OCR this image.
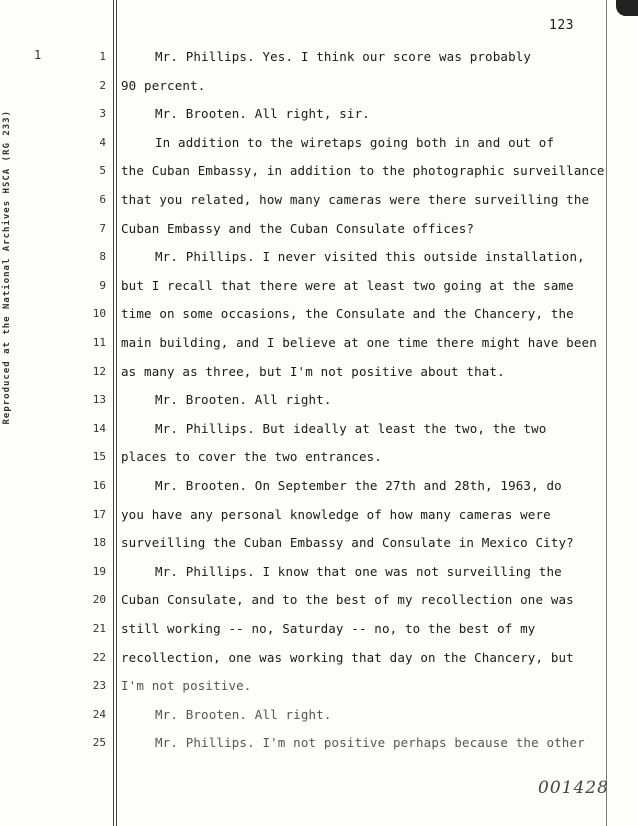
123
Reproduced at the National Archives HSCA (RG 233)
1	1	Mr. Phillips. Yes. I think our score was probably
2 90 percent.
3	Mr. Brooten. All right, sir.
4	In addition to the wiretaps going both in and out of
5 the Cuban Embassy, in addition to the photographic surveillance
6 that you related, how many cameras were there surveilling the
7 Cuban Embassy and the Cuban Consulate offices?
8	Mr. Phillips. I never visited this outside installation,
9 but I recall that there were at least two going at the same
10 time on some occasions, the Consulate and the Chancery, the
11 main building, and I believe at one time there might have been
12 as many as three, but I'm not positive about that.
13	Mr. Brooten. All right.
14	Mr. Phillips. But ideally at least the two, the two
15 places to cover the two entrances.
16	Mr. Brooten. On September the 27th and 28th, 1963, do
17 you have any personal knowledge of how many cameras were
18 surveilling the Cuban Embassy and Consulate in Mexico City?
19	Mr. Phillips. I know that one was not surveilling the
20 Cuban Consulate, and to the best of my recollection one was
21 still working -- no, Saturday -- no, to the best of my
22 recollection, one was working that day on the Chancery, but
23 I'm not positive.
24	Mr. Brooten. All right.
25	Mr. Phillips. I'm not positive perhaps because the other
001428
